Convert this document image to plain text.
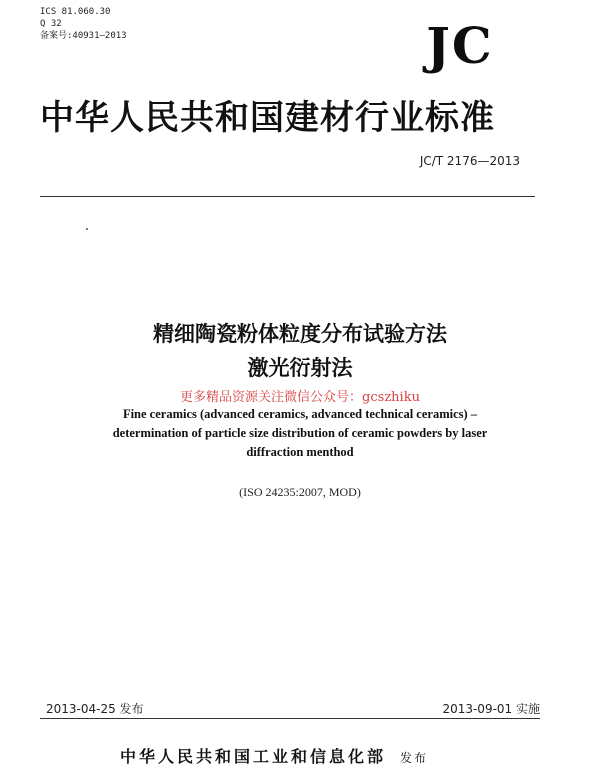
ICS 81.060.30
Q 32
备案号:40931—2013	JC
中华人民共和国建材行业标准
JC/T 2176—2013
精细陶瓷粉体粒度分布试验方法
激光衍射法
更多精品资源关注微信公众号：gcszhiku
Fine ceramics (advanced ceramics, advanced technical ceramics) –
determination of particle size distribution of ceramic powders by laser
diffraction menthod
(ISO 24235:2007, MOD)
2013-04-25 发布	2013-09-01 实施
中华人民共和国工业和信息化部 发布
